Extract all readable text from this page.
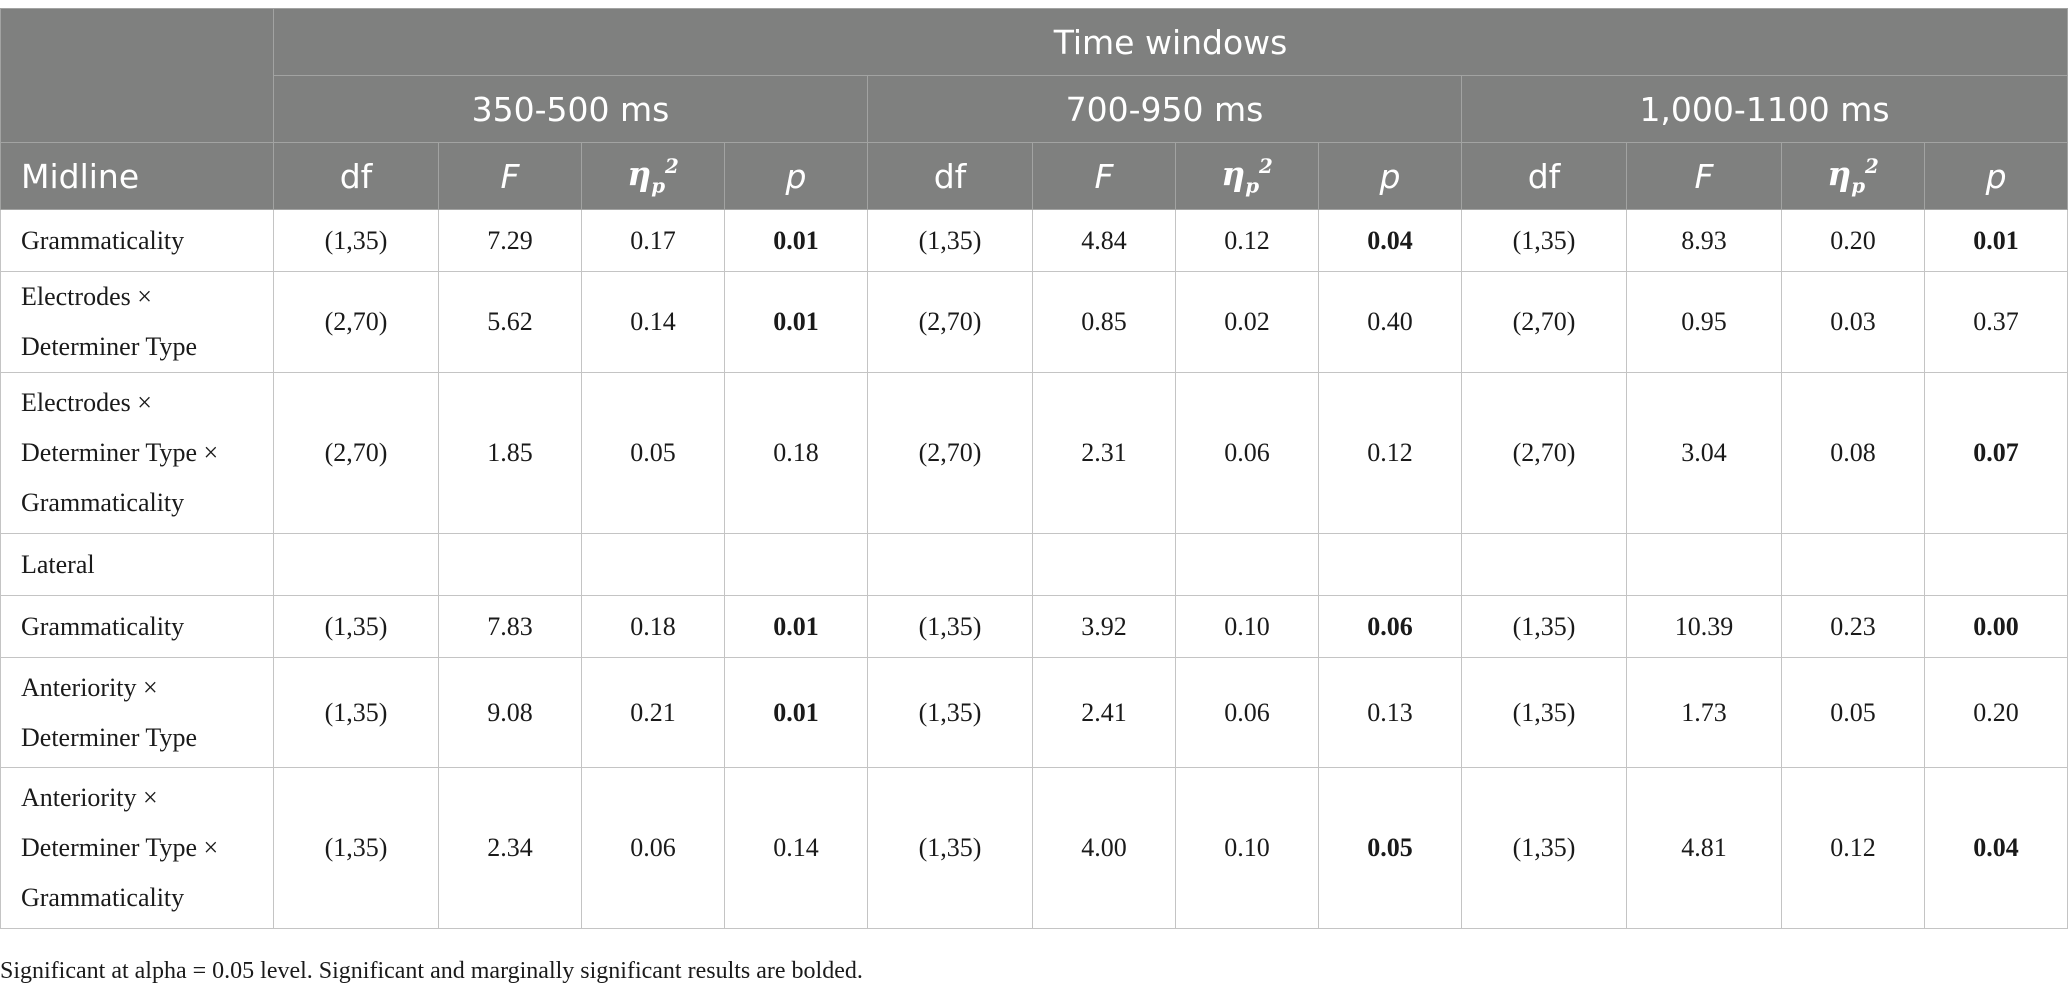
	Time windows											
	350-500 ms				700-950 ms				1,000-1100 ms			
Midline	df	F	$\eta_p^2$	p	df	F	$\eta_p^2$	p	df	F	$\eta_p^2$	p
Grammaticality	(1,35)	7.29	0.17	0.01	(1,35)	4.84	0.12	0.04	(1,35)	8.93	0.20	0.01

Electrodes ×
Determiner Type	(2,70)	5.62	0.14	0.01	(2,70)	0.85	0.02	0.40	(2,70)	0.95	0.03	0.37

Electrodes ×
Determiner Type ×
Grammaticality	(2,70)	1.85	0.05	0.18	(2,70)	2.31	0.06	0.12	(2,70)	3.04	0.08	0.07
Lateral												
Grammaticality	(1,35)	7.83	0.18	0.01	(1,35)	3.92	0.10	0.06	(1,35)	10.39	0.23	0.00

Anteriority ×
Determiner Type	(1,35)	9.08	0.21	0.01	(1,35)	2.41	0.06	0.13	(1,35)	1.73	0.05	0.20

Anteriority ×
Determiner Type ×
Grammaticality	(1,35)	2.34	0.06	0.14	(1,35)	4.00	0.10	0.05	(1,35)	4.81	0.12	0.04

Significant at alpha = 0.05 level. Significant and marginally significant results are bolded.
